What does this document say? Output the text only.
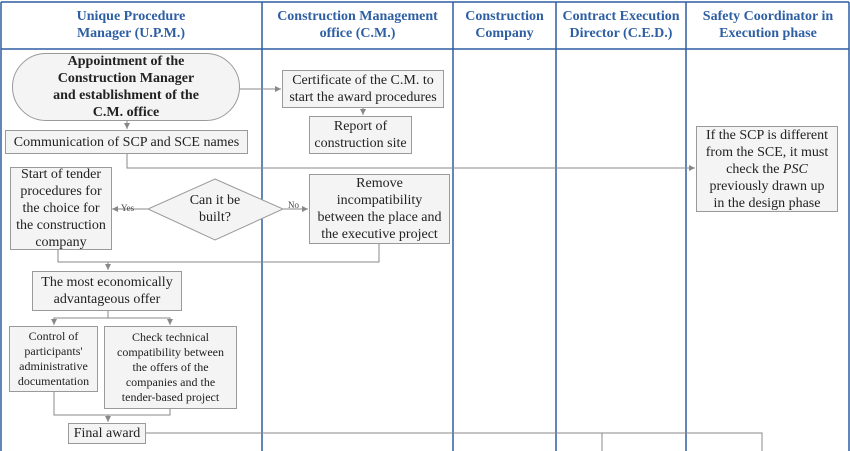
Unique Procedure
Manager (U.P.M.)
Construction Management
office (C.M.)
Construction
Company
Contract Execution
Director (C.E.D.)
Safety Coordinator in
Execution phase
Appointment of the
Construction Manager
and establishment of the
C.M. office
Certificate of the C.M. to
start the award procedures
Communication of SCP and SCE names
Report of
construction site
If the SCP is different
from the SCE, it must
check the PSC
previously drawn up
in the design phase
Start of tender
procedures for
the choice for
the construction
company
Can it be
built?
Remove
incompatibility
between the place and
the executive project
The most economically
advantageous offer
Control of
participants'
administrative
documentation
Check technical
compatibility between
the offers of the
companies and the
tender-based project
Final award
Yes	No
